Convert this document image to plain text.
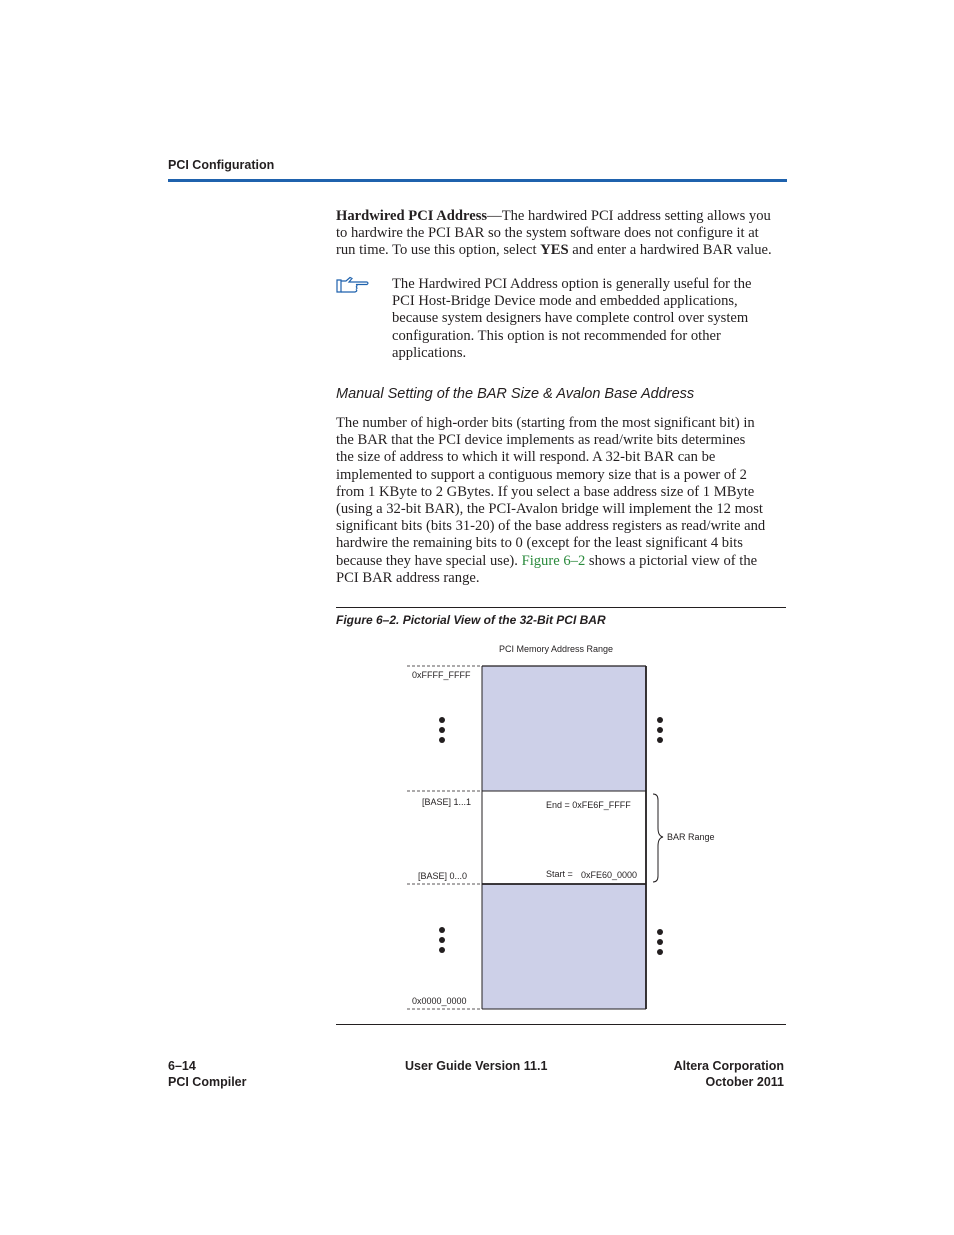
PCI Configuration

Hardwired PCI Address—The hardwired PCI address setting allows you
to hardwire the PCI BAR so the system software does not configure it at
run time. To use this option, select YES and enter a hardwired BAR value.

The Hardwired PCI Address option is generally useful for the
PCI Host-Bridge Device mode and embedded applications,
because system designers have complete control over system
configuration. This option is not recommended for other
applications.

Manual Setting of the BAR Size & Avalon Base Address

The number of high-order bits (starting from the most significant bit) in
the BAR that the PCI device implements as read/write bits determines
the size of address to which it will respond. A 32-bit BAR can be
implemented to support a contiguous memory size that is a power of 2
from 1 KByte to 2 GBytes. If you select a base address size of 1 MByte
(using a 32-bit BAR), the PCI-Avalon bridge will implement the 12 most
significant bits (bits 31-20) of the base address registers as read/write and
hardwire the remaining bits to 0 (except for the least significant 4 bits
because they have special use). Figure 6–2 shows a pictorial view of the
PCI BAR address range.

Figure 6–2. Pictorial View of the 32-Bit PCI BAR
PCI Memory Address Range
0xFFFF_FFFF
[BASE] 1...1
[BASE] 0...0
0x0000_0000
End = 0xFE6F_FFFF
Start = 0xFE60_0000
BAR Range
6–14
PCI Compiler
User Guide Version 11.1	Altera Corporation
October 2011
